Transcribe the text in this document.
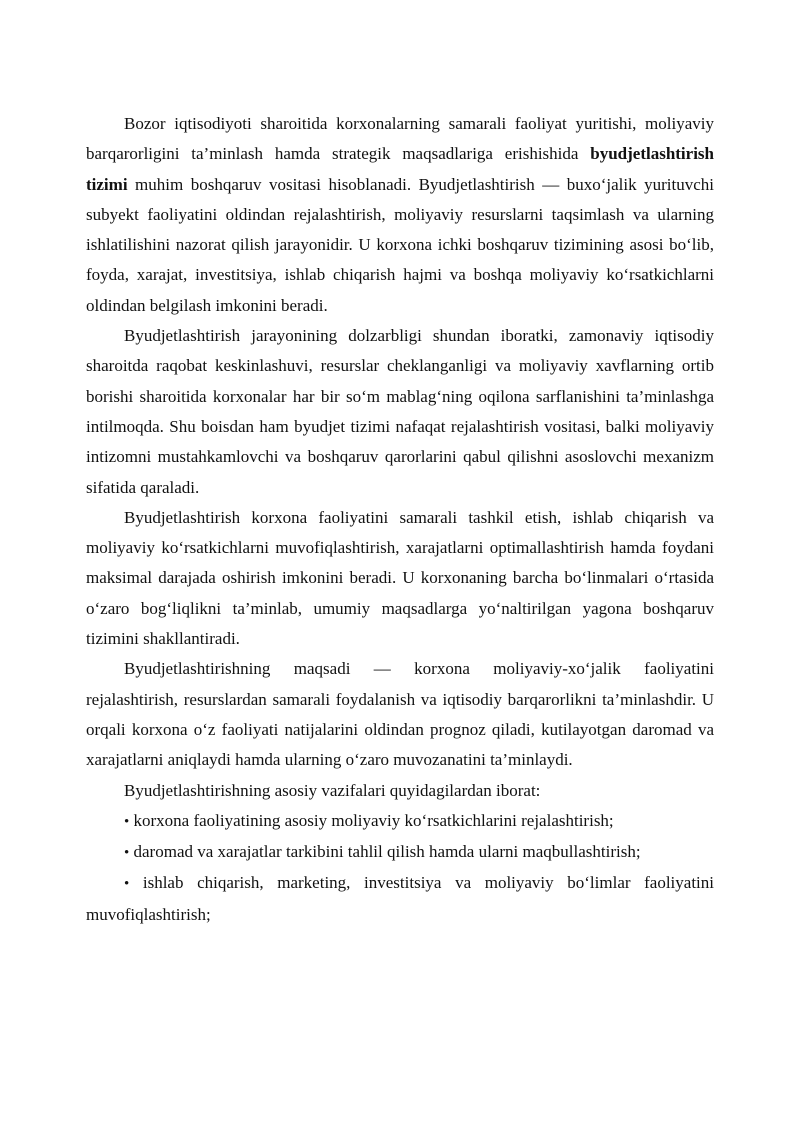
Bozor iqtisodiyoti sharoitida korxonalarning samarali faoliyat yuritishi, moliyaviy barqarorligini ta’minlash hamda strategik maqsadlariga erishishida byudjetlashtirish tizimi muhim boshqaruv vositasi hisoblanadi. Byudjetlashtirish — buxo‘jalik yurituvchi subyekt faoliyatini oldindan rejalashtirish, moliyaviy resurslarni taqsimlash va ularning ishlatilishini nazorat qilish jarayonidir. U korxona ichki boshqaruv tizimining asosi bo‘lib, foyda, xarajat, investitsiya, ishlab chiqarish hajmi va boshqa moliyaviy ko‘rsatkichlarni oldindan belgilash imkonini beradi.

Byudjetlashtirish jarayonining dolzarbligi shundan iboratki, zamonaviy iqtisodiy sharoitda raqobat keskinlashuvi, resurslar cheklanganligi va moliyaviy xavflarning ortib borishi sharoitida korxonalar har bir so‘m mablag‘ning oqilona sarflanishini ta’minlashga intilmoqda. Shu boisdan ham byudjet tizimi nafaqat rejalashtirish vositasi, balki moliyaviy intizomni mustahkamlovchi va boshqaruv qarorlarini qabul qilishni asoslovchi mexanizm sifatida qaraladi.

Byudjetlashtirish korxona faoliyatini samarali tashkil etish, ishlab chiqarish va moliyaviy ko‘rsatkichlarni muvofiqlashtirish, xarajatlarni optimallashtirish hamda foydani maksimal darajada oshirish imkonini beradi. U korxonaning barcha bo‘linmalari o‘rtasida o‘zaro bog‘liqlikni ta’minlab, umumiy maqsadlarga yo‘naltirilgan yagona boshqaruv tizimini shakllantiradi.

Byudjetlashtirishning maqsadi — korxona moliyaviy-xo‘jalik faoliyatini rejalashtirish, resurslardan samarali foydalanish va iqtisodiy barqarorlikni ta’minlashdir. U orqali korxona o‘z faoliyati natijalarini oldindan prognoz qiladi, kutilayotgan daromad va xarajatlarni aniqlaydi hamda ularning o‘zaro muvozanatini ta’minlaydi.

Byudjetlashtirishning asosiy vazifalari quyidagilardan iborat:

• korxona faoliyatining asosiy moliyaviy ko‘rsatkichlarini rejalashtirish;

• daromad va xarajatlar tarkibini tahlil qilish hamda ularni maqbullashtirish;

• ishlab chiqarish, marketing, investitsiya va moliyaviy bo‘limlar faoliyatini muvofiqlashtirish;
